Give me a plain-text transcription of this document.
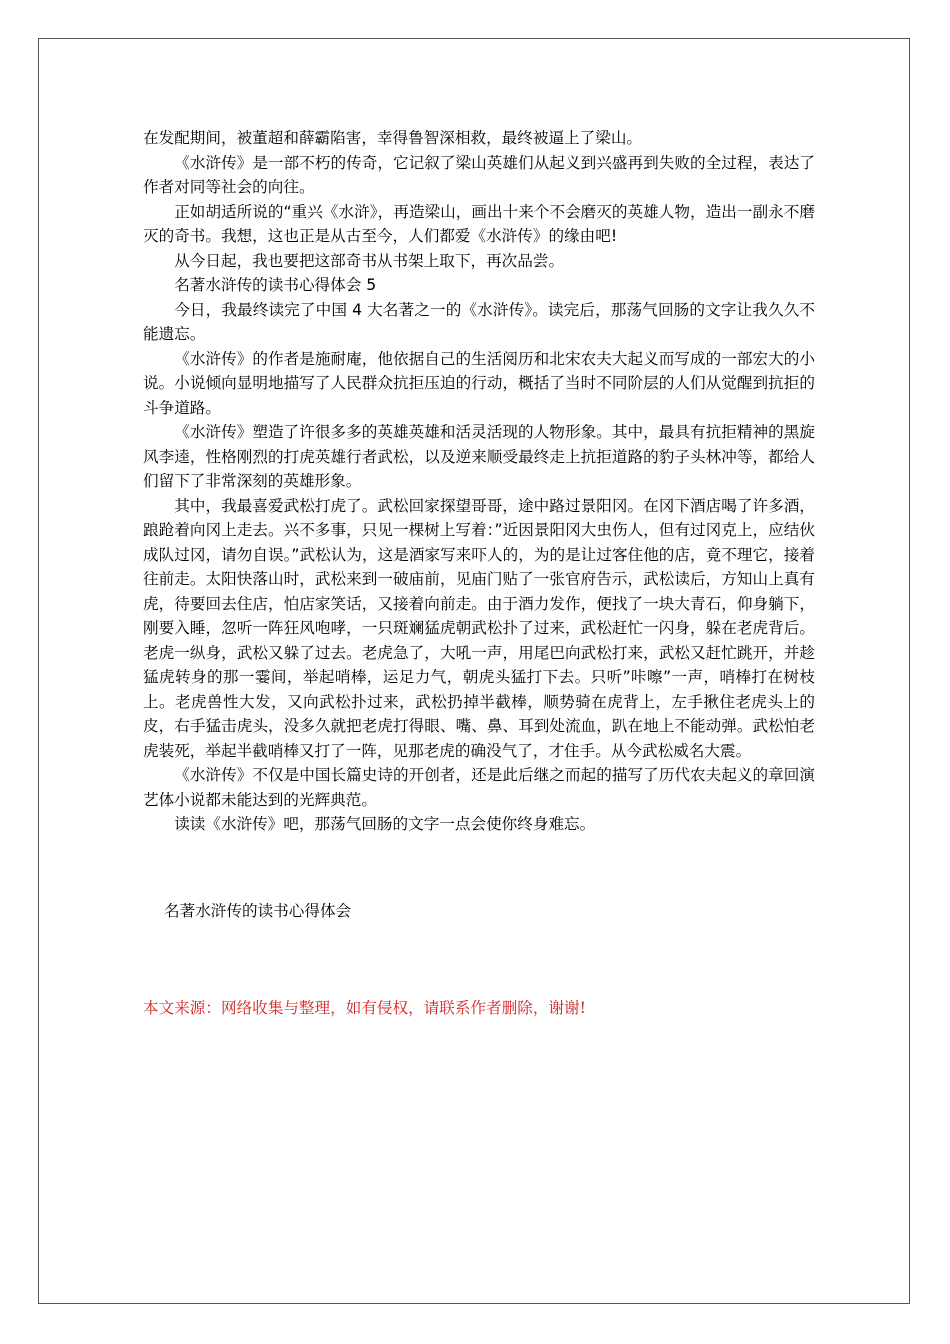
在发配期间，被董超和薛霸陷害，幸得鲁智深相救，最终被逼上了梁山。

《水浒传》是一部不朽的传奇，它记叙了梁山英雄们从起义到兴盛再到失败的全过程，表达了作者对同等社会的向往。

正如胡适所说的“重兴《水浒》，再造梁山，画出十来个不会磨灭的英雄人物，造出一副永不磨灭的奇书。我想，这也正是从古至今，人们都爱《水浒传》的缘由吧!

从今日起，我也要把这部奇书从书架上取下，再次品尝。

名著水浒传的读书心得体会 5

今日，我最终读完了中国 4 大名著之一的《水浒传》。读完后，那荡气回肠的文字让我久久不能遗忘。

《水浒传》的作者是施耐庵，他依据自己的生活阅历和北宋农夫大起义而写成的一部宏大的小说。小说倾向显明地描写了人民群众抗拒压迫的行动，概括了当时不同阶层的人们从觉醒到抗拒的斗争道路。

《水浒传》塑造了许很多多的英雄英雄和活灵活现的人物形象。其中，最具有抗拒精神的黑旋风李逵，性格刚烈的打虎英雄行者武松，以及逆来顺受最终走上抗拒道路的豹子头林冲等，都给人们留下了非常深刻的英雄形象。

其中，我最喜爱武松打虎了。武松回家探望哥哥，途中路过景阳冈。在冈下酒店喝了许多酒，踉跄着向冈上走去。兴不多事，只见一棵树上写着：”近因景阳冈大虫伤人，但有过冈克上，应结伙成队过冈，请勿自误。”武松认为，这是酒家写来吓人的，为的是让过客住他的店，竟不理它，接着往前走。太阳快落山时，武松来到一破庙前，见庙门贴了一张官府告示，武松读后，方知山上真有虎，待要回去住店，怕店家笑话，又接着向前走。由于酒力发作，便找了一块大青石，仰身躺下，刚要入睡，忽听一阵狂风咆哮，一只斑斓猛虎朝武松扑了过来，武松赶忙一闪身，躲在老虎背后。老虎一纵身，武松又躲了过去。老虎急了，大吼一声，用尾巴向武松打来，武松又赶忙跳开，并趁猛虎转身的那一霎间，举起哨棒，运足力气，朝虎头猛打下去。只听”咔嚓”一声，哨棒打在树枝上。老虎兽性大发，又向武松扑过来，武松扔掉半截棒，顺势骑在虎背上，左手揪住老虎头上的皮，右手猛击虎头，没多久就把老虎打得眼、嘴、鼻、耳到处流血，趴在地上不能动弹。武松怕老虎装死，举起半截哨棒又打了一阵，见那老虎的确没气了，才住手。从今武松威名大震。

《水浒传》不仅是中国长篇史诗的开创者，还是此后继之而起的描写了历代农夫起义的章回演艺体小说都未能达到的光辉典范。

读读《水浒传》吧，那荡气回肠的文字一点会使你终身难忘。

名著水浒传的读书心得体会
本文来源：网络收集与整理，如有侵权，请联系作者删除，谢谢!
